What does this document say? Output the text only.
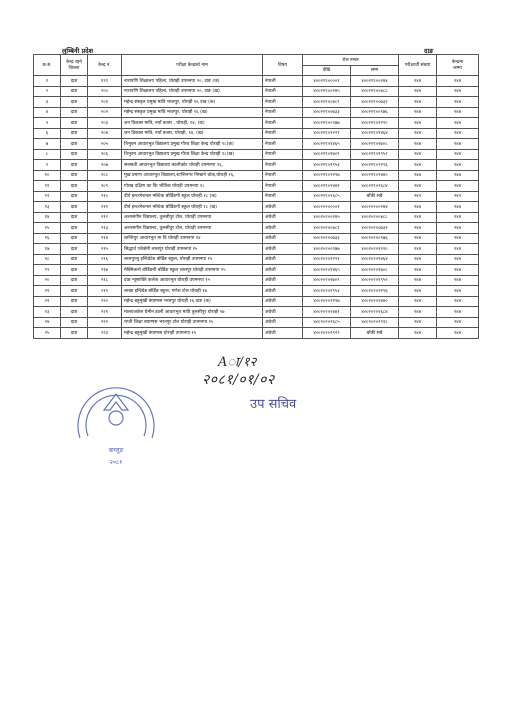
लुम्बिनी प्रदेश	दाङ
क.स.	केन्द्र रहने
जिल्ला	केन्द्र नं.	परीक्षा केन्द्रको नाम	विषय	रोल नम्बर		परीक्षार्थी संख्या	केन्द्रमा
जम्मा
					देखि	सम्म		
१	दाङ	१९९	नारायणि शिक्षालय पहिला, घोराही उपमनपा १०, दाङ (क)	नेपाली	४००२१९००००१	४००२१९००२४४	२४४	२४४
२	दाङ	२००	नारायणि शिक्षालय पहिला, घोराही उपमनपा १०, दाङ (ख)	नेपाली	४००२१९००२४५	४००२१९००४८८	२४४	२४४
३	दाङ	२०१	महेन्द्र संस्कृत प्रमुख मावि भरतपुर, घोराही १६ दाङ (क)	नेपाली	४००२१९००४८९	४००२१९००७३२	२४४	२४४
४	दाङ	२०२	महेन्द्र संस्कृत प्रमुख मावि भरतपुर, घोराही १६ (ख)	नेपाली	४००२१९००७३३	४००२१९००९७६	२४४	२४४
५	दाङ	२०३	जन विकास मावि, नयाँ बजार , घोराही, १४, (क)	नेपाली	४००२१९००९७७	४००२१९०१२२०	२४४	२४४
६	दाङ	२०४	जन विकास मावि, नयाँ बजार, घोराही, १४, (ख)	नेपाली	४००२१९०१२२१	४००२१९०१४६४	२४४	२४४
७	दाङ	२०५	त्रिभुवन आधारभुत विद्यालय प्रमुख गौरव शिक्षा केन्द्र घोराही १८(क)	नेपाली	४००२१९०१४६५	४००२१९०१७०८	२४४	२४४
८	दाङ	२०६	त्रिभुवन आधारभुत विद्यालय प्रमुख गौरव शिक्षा केन्द्र घोराही १८(ख)	नेपाली	४००२१९०१७०९	४००२१९०१९५२	२४४	२४४
९	दाङ	२०७	सरस्वती आधारभुत विद्यालय कालीकोट घोराही उपमनपा १६,	नेपाली	४००२१९०१९५३	४००२१९०२१९६	२४४	२४४
१०	दाङ	२०८	मुख प्रमाण आधारभुत विद्यालय,शान्तिनगर निम्डाने चोक,घोराही १६,	नेपाली	४००२१९०२१९७	४००२१९०२४४०	२४४	२४४
११	दाङ	२०९	गोरख दक्षिण का कि भौतिक घोराही उपमनपा १८	नेपाली	४००२१९०२४४१	४००२१९०२६८४	२४४	२४४
१२	दाङ	२१०	दीर्घ इन्टरनेशनल मल्टिक बोर्डिङगी स्कुल घोराही १८ (क)	नेपाली	४००२१९०२६८५	बाँकी सबै	२४२	२४२
१३	दाङ	२११	दीर्घ इन्टरनेशनल मल्टिक बोर्डिङगी स्कुल घोराही १८ (ख)	अंग्रेजी	४००२०२००००१	४००२०२००२४४	२४४	२४४
१४	दाङ	२१२	अल्पसंगीन विद्यालय, तुलसीपुर टोल, घोराही उपमनपा	अंग्रेजी	४००२०२००२४५	४००२०२००४८८	२४४	२४४
१५	दाङ	२१३	अल्पसंगीन विद्यालय, तुलसीपुर टोल, घोराही उपमनपा	अंग्रेजी	४००२०२००४८९	४००२०२००७३२	२४४	२४४
१६	दाङ	२१४	शान्तिपुर आधारभुत मा वि घोराही उपमनपा १४	अंग्रेजी	४००२०२००७३३	४००२०२००९७६	२४४	२४४
१७	दाङ	२१५	सिद्धार्थ एकेडेमी लालपुर घोराही उपमनपा १५	अंग्रेजी	४००२०२००९७७	४००२०२०१२२०	२४४	२४४
१८	दाङ	२१६	लालपुरत्तु इन्टिग्रेटेड बोर्डिङ स्कुल, घोराही उपमनपा १५	अंग्रेजी	४००२०२०१२२१	४००२०२०१४६४	२४४	२४४
१९	दाङ	२१७	मेक्सिकनो बोर्डिङगी बोर्डिङ स्कुल लालपुर घोराही उपमनपा १५	अंग्रेजी	४००२०२०१४६५	४००२०२०१७०८	२४४	२४४
२०	दाङ	२१८	दाङ न्यूसाक्ति कलेज आधारभुत घोराही उपमनपा १५	अंग्रेजी	४००२०२०१७०९	४००२०२०१९५२	२४४	२४४
२१	दाङ	२१९	लाखा इन्टिग्रेड बोर्डिङ स्कुल, गणेश टोल घोराही १७	अंग्रेजी	४००२०२०१९५३	४००२०२०२१९६	२४४	२४४
२२	दाङ	२२०	महेन्द्र बहुमुखी क्याम्पस भरतपुर घोराही १६ दाङ (क)	अंग्रेजी	४००२०२०२१९७	४००२०२०२४४०	२४४	२४४
२३	दाङ	२२१	मालवजकेरु ग्रेमीन डाली आधारभुत मावि तुलसीपुर घोराही १७	अंग्रेजी	४००२०२०२४४१	४००२०२०२६८४	२४४	२४४
२४	दाङ	२२२	राप्ती शिक्षा क्याम्पस भरतपुर टोल घोराही उपमनपा १५	अंग्रेजी	४००२०२०२६८५	४००२०२०२९२८	२४४	२४४
२५	दाङ	२२३	महेन्द्र बहुमुखी क्याम्पस घोराही उपमनपा १५	अंग्रेजी	४००२०२०२९२९	बाँकी सबै	२४४	२४४
Aा/१२
२०८१/०१/०२
उप सचिव
बाग्लुङ
२०८१
